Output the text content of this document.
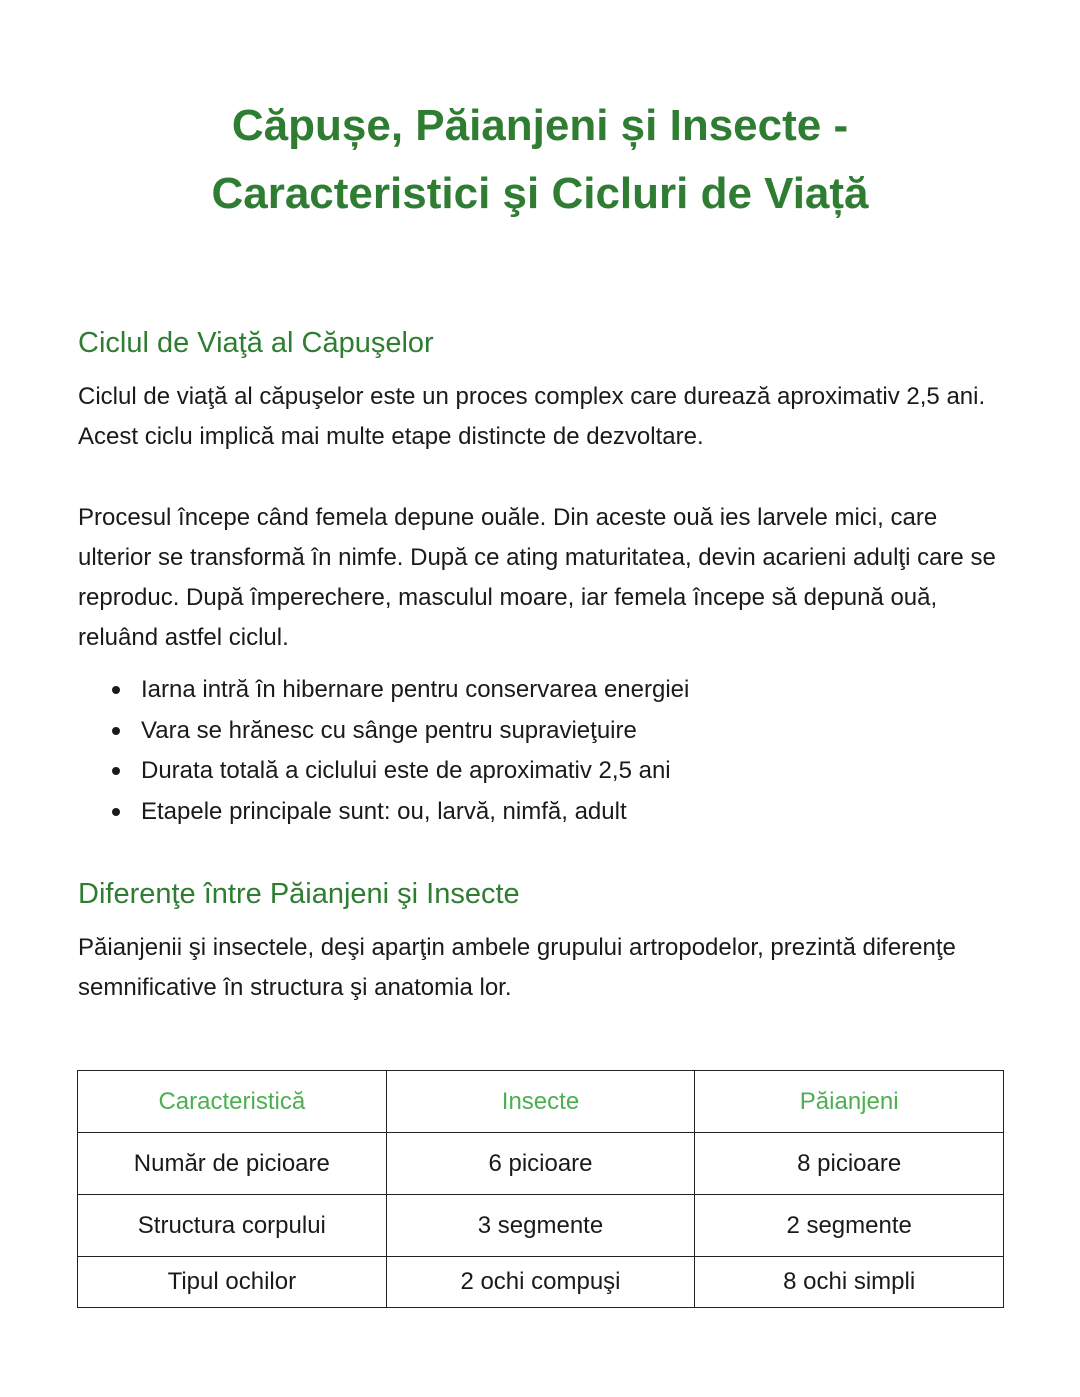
Căpușe, Păianjeni și Insecte -
Caracteristici şi Cicluri de Viață
Ciclul de Viaţă al Căpuşelor

Ciclul de viaţă al căpuşelor este un proces complex care durează aproximativ 2,5 ani. Acest ciclu implică mai multe etape distincte de dezvoltare.

Procesul începe când femela depune ouăle. Din aceste ouă ies larvele mici, care ulterior se transformă în nimfe. După ce ating maturitatea, devin acarieni adulţi care se reproduc. După împerechere, masculul moare, iar femela începe să depună ouă, reluând astfel ciclul.

Iarna intră în hibernare pentru conservarea energiei
Vara se hrănesc cu sânge pentru supravieţuire
Durata totală a ciclului este de aproximativ 2,5 ani
Etapele principale sunt: ou, larvă, nimfă, adult
Diferenţe între Păianjeni şi Insecte

Păianjenii şi insectele, deşi aparţin ambele grupului artropodelor, prezintă diferenţe semnificative în structura şi anatomia lor.

Caracteristică	Insecte	Păianjeni
Număr de picioare	6 picioare	8 picioare
Structura corpului	3 segmente	2 segmente
Tipul ochilor	2 ochi compuşi	8 ochi simpli
